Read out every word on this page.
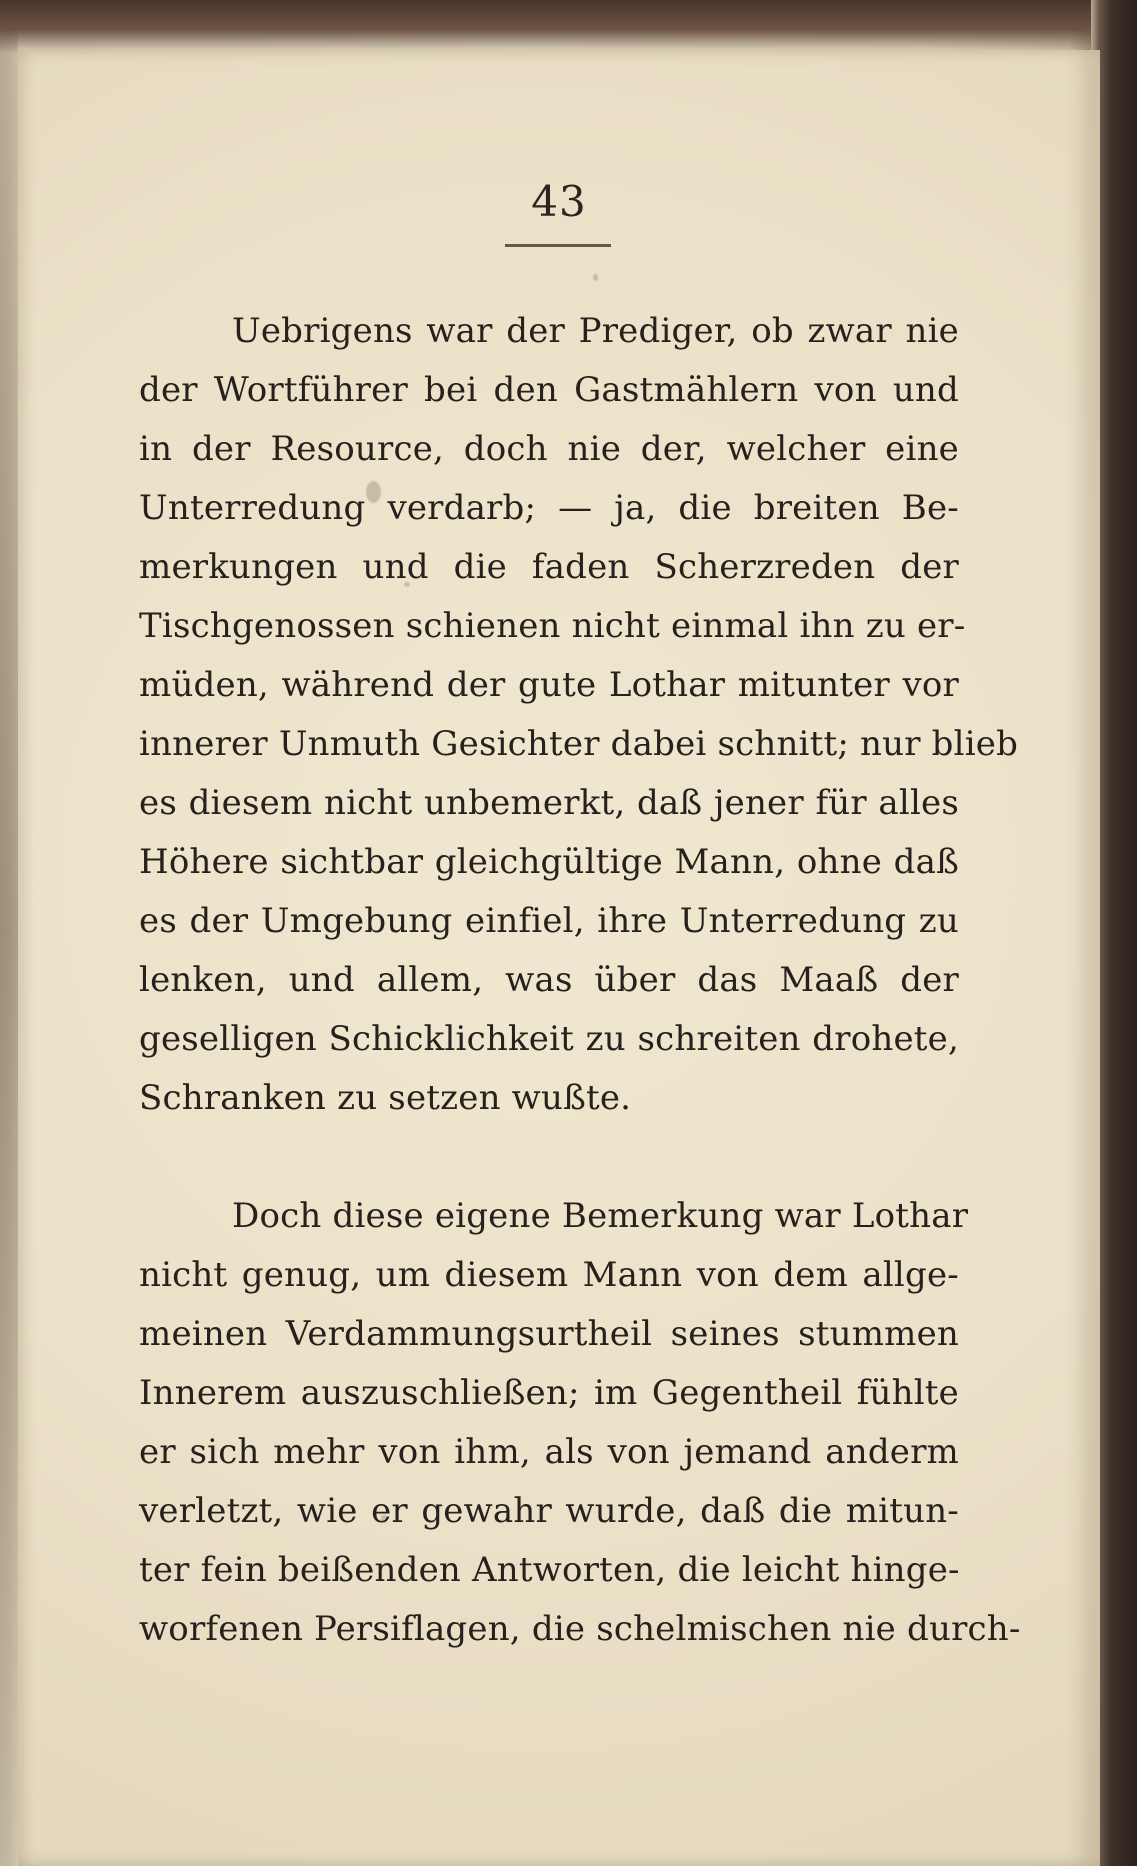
43
Uebrigens war der Prediger, ob zwar nie
der Wortführer bei den Gastmählern von und
in der Resource, doch nie der, welcher eine
Unterredung verdarb; — ja, die breiten Be-
merkungen und die faden Scherzreden der
Tischgenossen schienen nicht einmal ihn zu er-
müden, während der gute Lothar mitunter vor
innerer Unmuth Gesichter dabei schnitt; nur blieb
es diesem nicht unbemerkt, daß jener für alles
Höhere sichtbar gleichgültige Mann, ohne daß
es der Umgebung einfiel, ihre Unterredung zu
lenken, und allem, was über das Maaß der
geselligen Schicklichkeit zu schreiten drohete,
Schranken zu setzen wußte.
Doch diese eigene Bemerkung war Lothar
nicht genug, um diesem Mann von dem allge-
meinen Verdammungsurtheil seines stummen
Innerem auszuschließen; im Gegentheil fühlte
er sich mehr von ihm, als von jemand anderm
verletzt, wie er gewahr wurde, daß die mitun-
ter fein beißenden Antworten, die leicht hinge-
worfenen Persiflagen, die schelmischen nie durch-
